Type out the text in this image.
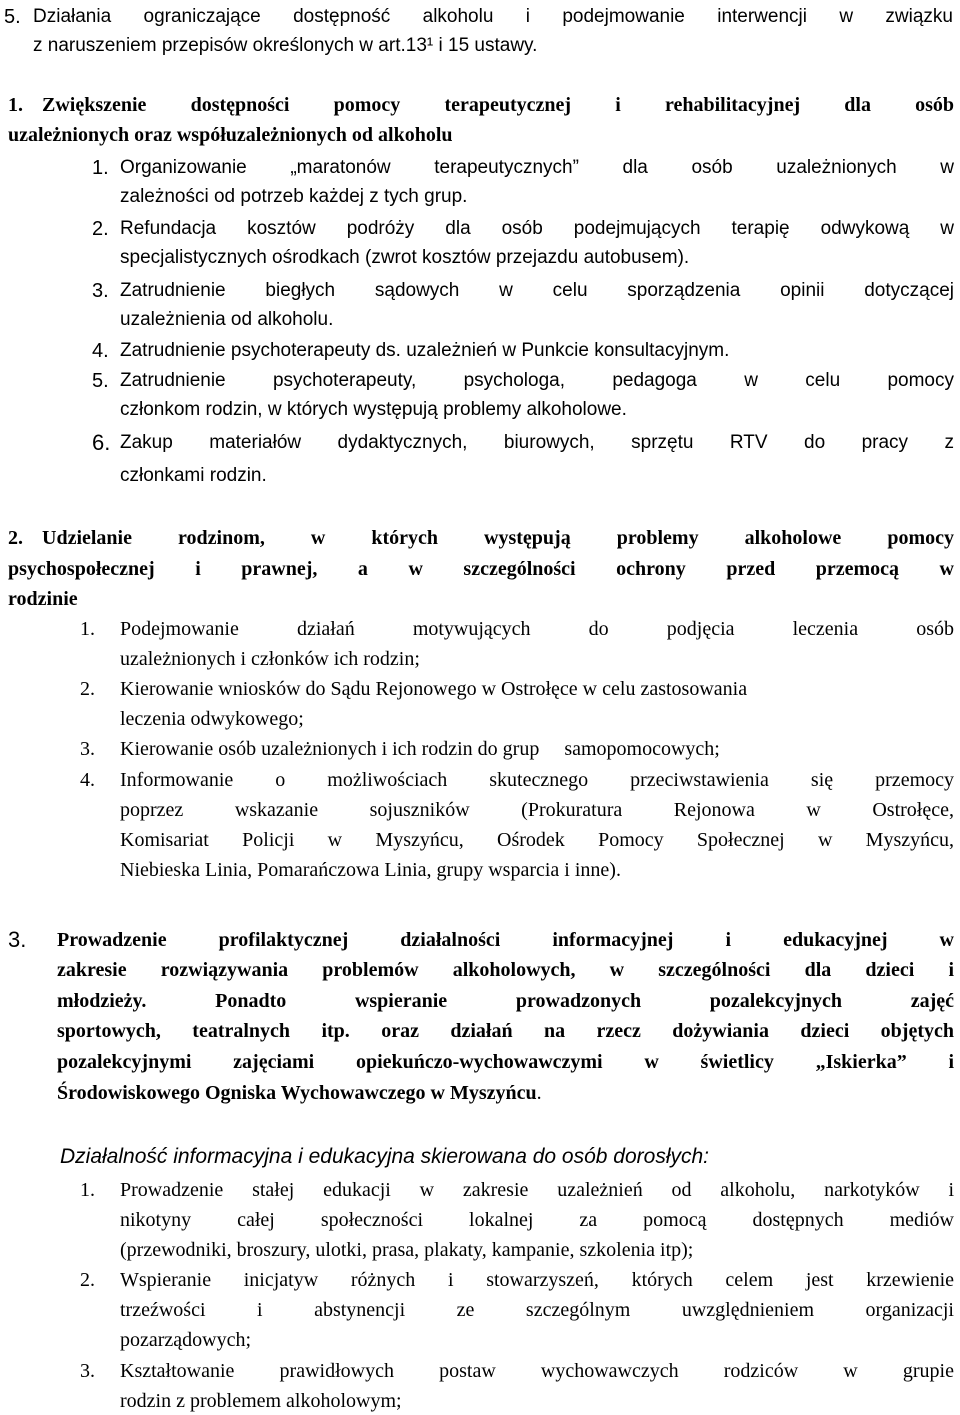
5. Działania ograniczające dostępność alkoholu i podejmowanie interwencji w związku
z naruszeniem przepisów określonych w art.13¹ i 15 ustawy.
1. Zwiększenie dostępności pomocy terapeutycznej i rehabilitacyjnej dla osób
uzależnionych oraz współuzależnionych od alkoholu
1. Organizowanie „maratonów terapeutycznych” dla osób uzależnionych w
zależności od potrzeb każdej z tych grup.
2. Refundacja kosztów podróży dla osób podejmujących terapię odwykową w
specjalistycznych ośrodkach (zwrot kosztów przejazdu autobusem).
3. Zatrudnienie biegłych sądowych w celu sporządzenia opinii dotyczącej
uzależnienia od alkoholu.
4. Zatrudnienie psychoterapeuty ds. uzależnień w Punkcie konsultacyjnym.
5. Zatrudnienie psychoterapeuty, psychologa, pedagoga w celu pomocy
członkom rodzin, w których występują problemy alkoholowe.
6. Zakup materiałów dydaktycznych, biurowych, sprzętu RTV do pracy z
członkami rodzin.
2. Udzielanie rodzinom, w których występują problemy alkoholowe pomocy
psychospołecznej i prawnej, a w szczególności ochrony przed przemocą w
rodzinie
1. Podejmowanie działań motywujących do podjęcia leczenia osób
uzależnionych i członków ich rodzin;
2. Kierowanie wniosków do Sądu Rejonowego w Ostrołęce w celu zastosowania
leczenia odwykowego;
3. Kierowanie osób uzależnionych i ich rodzin do grup     samopomocowych;
4. Informowanie o możliwościach skutecznego przeciwstawienia się przemocy
poprzez wskazanie sojuszników (Prokuratura Rejonowa w Ostrołęce,
Komisariat Policji w Myszyńcu, Ośrodek Pomocy Społecznej w Myszyńcu,
Niebieska Linia, Pomarańczowa Linia, grupy wsparcia i inne).
3. Prowadzenie profilaktycznej działalności informacyjnej i edukacyjnej w
zakresie rozwiązywania problemów alkoholowych, w szczególności dla dzieci i
młodzieży. Ponadto wspieranie prowadzonych pozalekcyjnych zajęć
sportowych, teatralnych itp. oraz działań na rzecz dożywiania dzieci objętych
pozalekcyjnymi zajęciami opiekuńczo-wychowawczymi w świetlicy „Iskierka” i
Środowiskowego Ogniska Wychowawczego w Myszyńcu.
Działalność informacyjna i edukacyjna skierowana do osób dorosłych:
1. Prowadzenie stałej edukacji w zakresie uzależnień od alkoholu, narkotyków i
nikotyny całej społeczności lokalnej za pomocą dostępnych mediów
(przewodniki, broszury, ulotki, prasa, plakaty, kampanie, szkolenia itp);
2. Wspieranie inicjatyw różnych i stowarzyszeń, których celem jest krzewienie
trzeźwości i abstynencji ze szczególnym uwzględnieniem organizacji
pozarządowych;
3. Kształtowanie prawidłowych postaw wychowawczych rodziców w grupie
rodzin z problemem alkoholowym;
